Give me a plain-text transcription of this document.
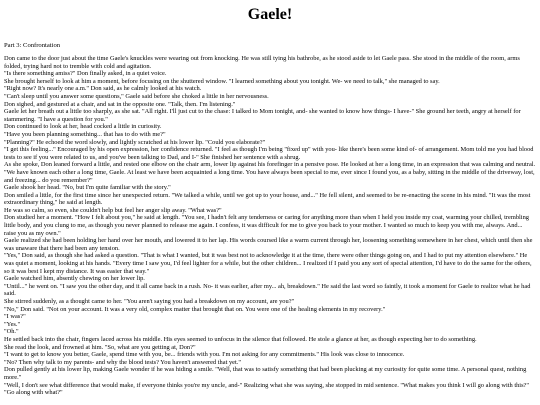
Gaele!
Part 3: Confrontation

Don came to the door just about the time Gaele's knuckles were wearing out from knocking. He was still tying his bathrobe, as he stood aside to let Gaele pass. She stood in the middle of the room, arms folded, trying hard not to tremble with cold and agitation.

"Is there something amiss?" Don finally asked, in a quiet voice.

She brought herself to look at him a moment, before focusing on the shuttered window. "I learned something about you tonight. We- we need to talk," she managed to say.

"Right now? It's nearly one a.m." Don said, as he calmly looked at his watch.

"Can't sleep until you answer some questions," Gaele said before she choked a little in her nervousness.

Don sighed, and gestured at a chair, and sat in the opposite one. "Talk, then. I'm listening."

Gaele let her breath out a little too sharply, as she sat. "All right. I'll just cut to the chase: I talked to Mom tonight, and- she wanted to know how things- I have-" She ground her teeth, angry at herself for stammering. "I have a question for you."

Don continued to look at her, head cocked a little in curiosity.

"Have you been planning something... that has to do with me?"

"Planning?" He echoed the word slowly, and lightly scratched at his lower lip. "Could you elaborate?"

"I get this feeling..." Encouraged by his open expression, her confidence returned. "I feel as though I'm being "fixed up" with you- like there's been some kind of- of arrangement. Mom told me you had blood tests to see if you were related to us, and you've been talking to Dad, and I-" She finished her sentence with a shrug.

As she spoke, Don leaned forward a little, and rested one elbow on the chair arm, lower lip against his forefinger in a pensive pose. He looked at her a long time, in an expression that was calming and neutral.

"We have known each other a long time, Gaele. At least we have been acquainted a long time. You have always been special to me, ever since I found you, as a baby, sitting in the middle of the driveway, lost, and freezing... do you remember?"

Gaele shook her head. "No, but I'm quite familiar with the story."

Don smiled a little, for the first time since her unexpected return. "We talked a while, until we got up to your house, and..." He fell silent, and seemed to be re-enacting the scene in his mind. "It was the most extraordinary thing," he said at length.

He was so calm, so even, she couldn't help but feel her anger slip away. "What was?"

Don studied her a moment. "How I felt about you," he said at length. "You see, I hadn't felt any tenderness or caring for anything more than when I held you inside my coat, warming your chilled, trembling little body, and you clung to me, as though you never planned to release me again. I confess, it was difficult for me to give you back to your mother. I wanted so much to keep you with me, always. And... raise you as my own."

Gaele realized she had been holding her hand over her mouth, and lowered it to her lap. His words coursed like a warm current through her, loosening something somewhere in her chest, which until then she was unaware that there had been any tension.

"Yes," Don said, as though she had asked a question. "That is what I wanted, but it was best not to acknowledge it at the time, there were other things going on, and I had to put my attention elsewhere." He was quiet a moment, looking at his hands. "Every time I saw you, I'd feel lighter for a while, but the other children... I realized if I paid you any sort of special attention, I'd have to do the same for the others, so it was best I kept my distance. It was easier that way."

Gaele watched him, absently chewing on her lower lip.

"Until..." he went on. "I saw you the other day, and it all came back in a rush. No- it was earlier, after my... ah, breakdown." He said the last word so faintly, it took a moment for Gaele to realize what he had said.

She stirred suddenly, as a thought came to her. "You aren't saying you had a breakdown on my account, are you?"

"No," Don said. "Not on your account. It was a very old, complex matter that brought that on. You were one of the healing elements in my recovery."

"I was?"

"Yes."

"Oh."

He settled back into the chair, fingers laced across his middle. His eyes seemed to unfocus in the silence that followed. He stole a glance at her, as though expecting her to do something.

She read the look, and frowned at him. "So, what are you getting at, Don?"

"I want to get to know you better, Gaele, spend time with you, be... friends with you. I'm not asking for any commitments." His look was close to innocence.

"No? Then why talk to my parents- and why the blood tests? You haven't answered that yet."

Don pulled gently at his lower lip, making Gaele wonder if he was hiding a smile. "Well, that was to satisfy something that had been plucking at my curiosity for quite some time. A personal quest, nothing more."

"Well, I don't see what difference that would make, if everyone thinks you're my uncle, and-" Realizing what she was saying, she stopped in mid sentence. "What makes you think I will go along with this?"

"Go along with what?"
